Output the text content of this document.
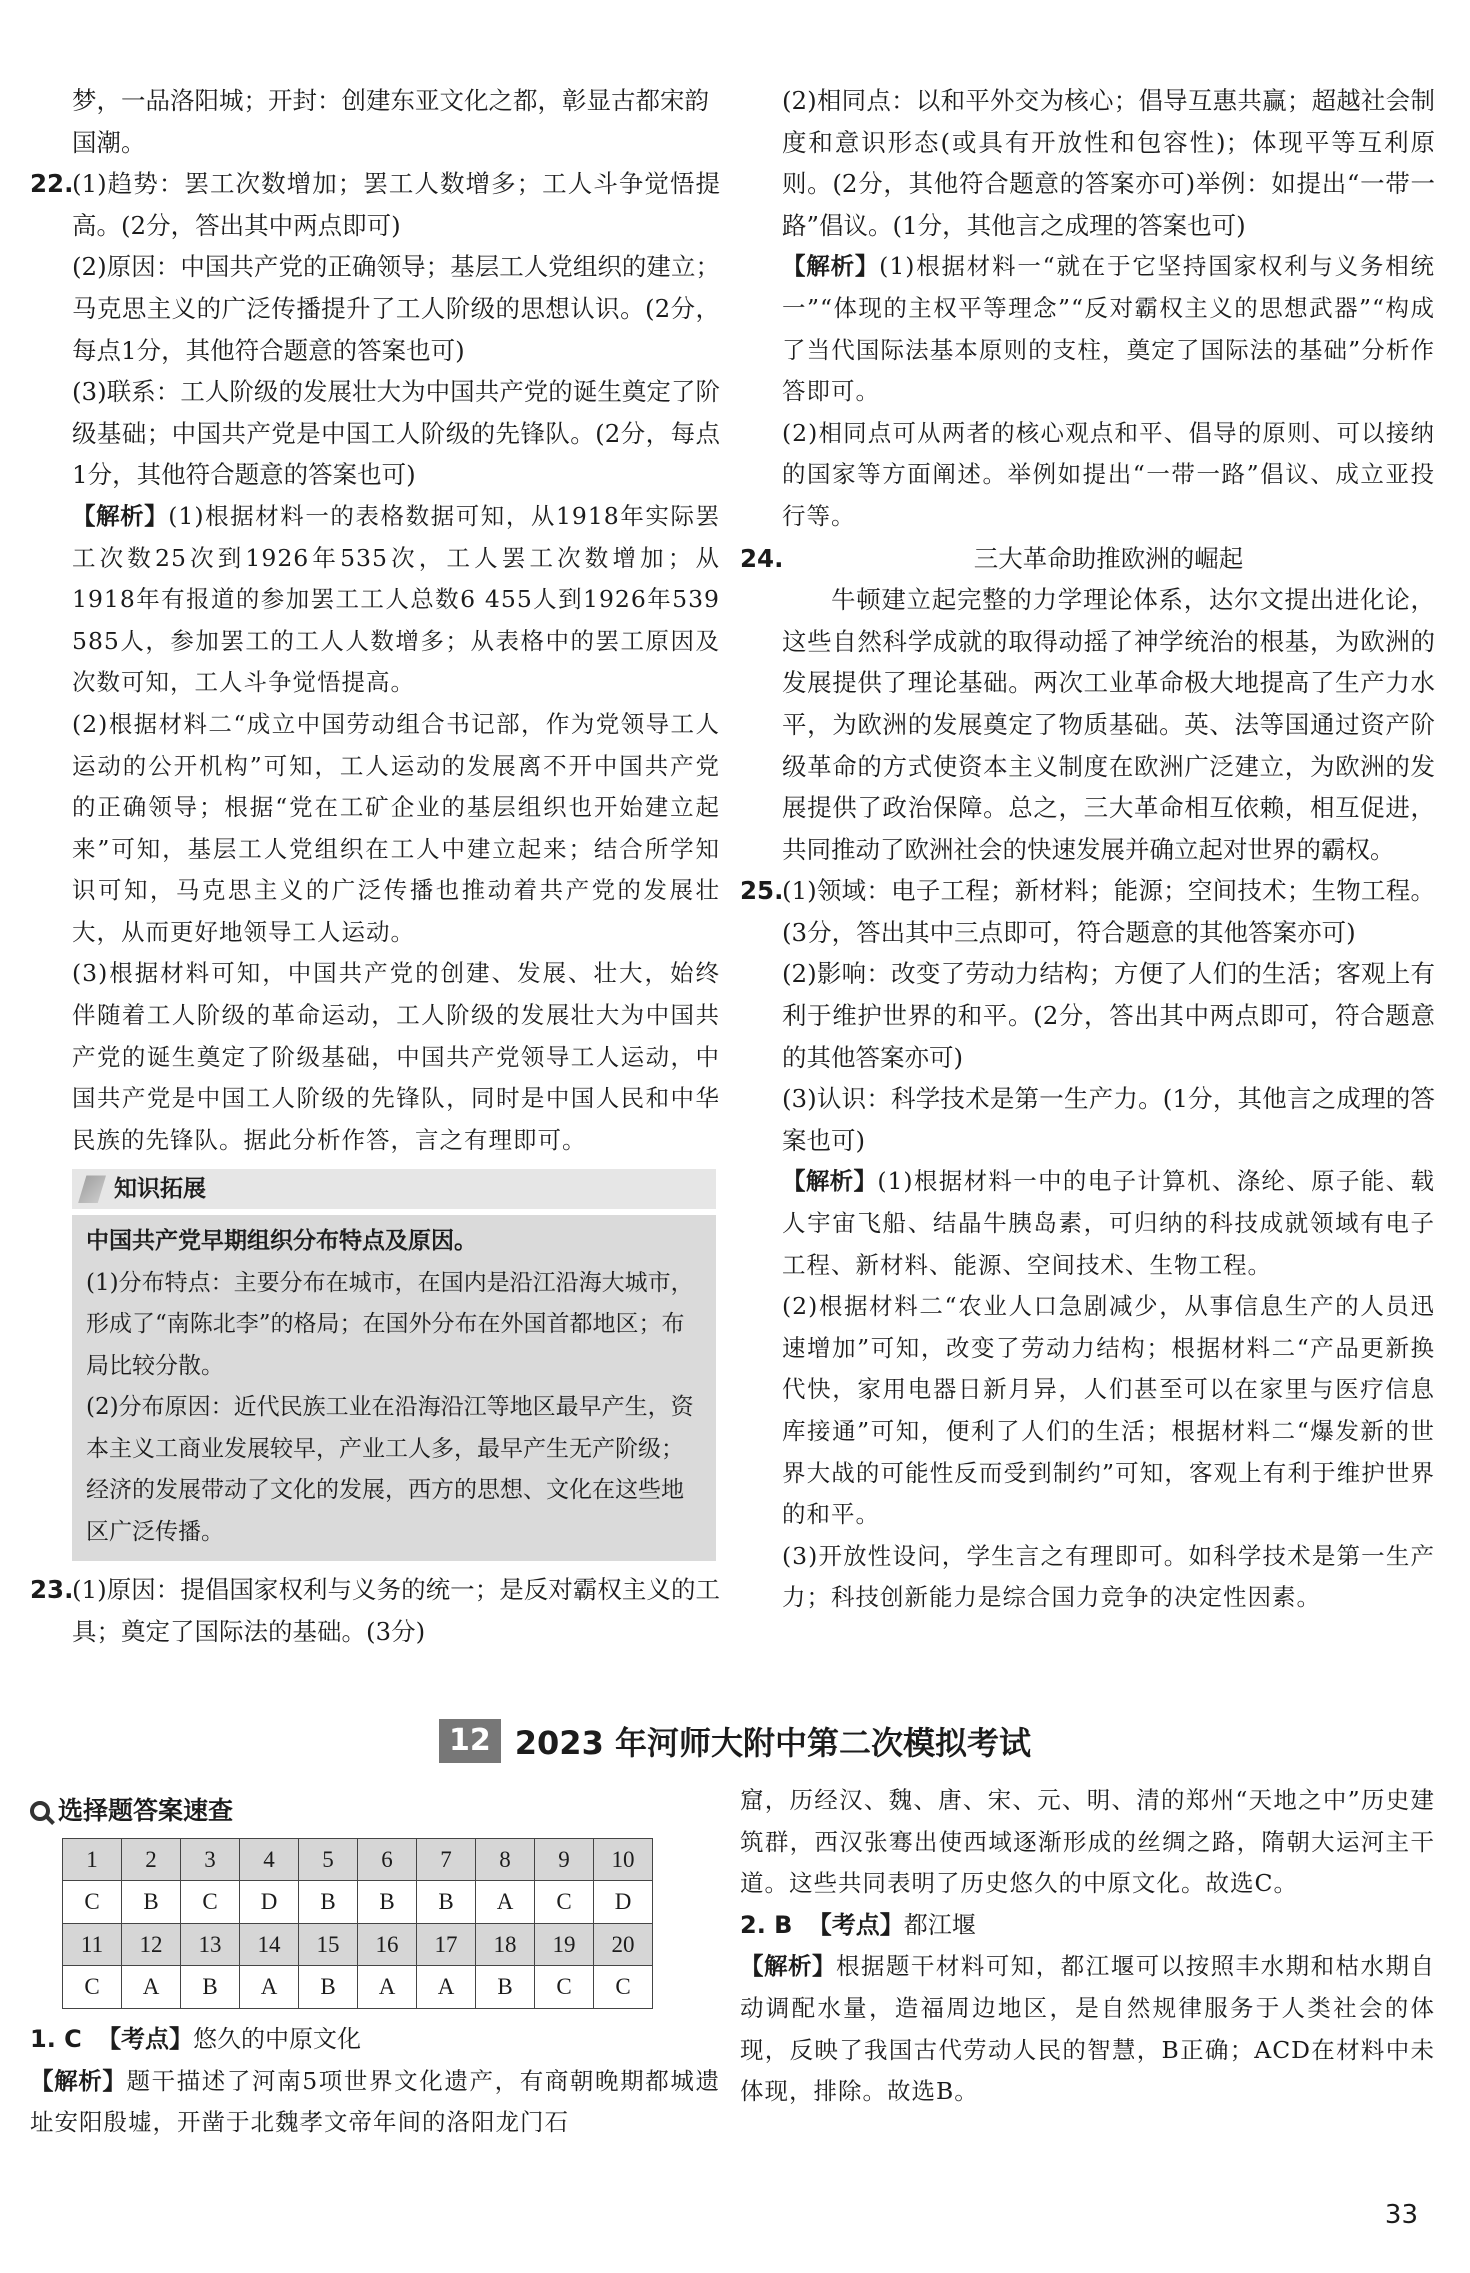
梦，一品洛阳城；开封：创建东亚文化之都，彰显古都宋韵
国潮。

22.

(1)趋势：罢工次数增加；罢工人数增多；工人斗争觉悟提高。(2分，答出其中两点即可)

(2)原因：中国共产党的正确领导；基层工人党组织的建立；马克思主义的广泛传播提升了工人阶级的思想认识。(2分，每点1分，其他符合题意的答案也可)

(3)联系：工人阶级的发展壮大为中国共产党的诞生奠定了阶级基础；中国共产党是中国工人阶级的先锋队。(2分，每点1分，其他符合题意的答案也可)

【解析】(1)根据材料一的表格数据可知，从1918年实际罢工次数25次到1926年535次，工人罢工次数增加；从1918年有报道的参加罢工工人总数6 455人到1926年539 585人，参加罢工的工人人数增多；从表格中的罢工原因及次数可知，工人斗争觉悟提高。

(2)根据材料二“成立中国劳动组合书记部，作为党领导工人运动的公开机构”可知，工人运动的发展离不开中国共产党的正确领导；根据“党在工矿企业的基层组织也开始建立起来”可知，基层工人党组织在工人中建立起来；结合所学知识可知，马克思主义的广泛传播也推动着共产党的发展壮大，从而更好地领导工人运动。

(3)根据材料可知，中国共产党的创建、发展、壮大，始终伴随着工人阶级的革命运动，工人阶级的发展壮大为中国共产党的诞生奠定了阶级基础，中国共产党领导工人运动，中国共产党是中国工人阶级的先锋队，同时是中国人民和中华民族的先锋队。据此分析作答，言之有理即可。

知识拓展
中国共产党早期组织分布特点及原因。
(1)分布特点：主要分布在城市，在国内是沿江沿海大城市，形成了“南陈北李”的格局；在国外分布在外国首都地区；布局比较分散。
(2)分布原因：近代民族工业在沿海沿江等地区最早产生，资本主义工商业发展较早，产业工人多，最早产生无产阶级；经济的发展带动了文化的发展，西方的思想、文化在这些地区广泛传播。
23.

(1)原因：提倡国家权利与义务的统一；是反对霸权主义的工具；奠定了国际法的基础。(3分)

(2)相同点：以和平外交为核心；倡导互惠共赢；超越社会制度和意识形态(或具有开放性和包容性)；体现平等互利原则。(2分，其他符合题意的答案亦可)举例：如提出“一带一路”倡议。(1分，其他言之成理的答案也可)

【解析】(1)根据材料一“就在于它坚持国家权利与义务相统一”“体现的主权平等理念”“反对霸权主义的思想武器”“构成了当代国际法基本原则的支柱，奠定了国际法的基础”分析作答即可。

(2)相同点可从两者的核心观点和平、倡导的原则、可以接纳的国家等方面阐述。举例如提出“一带一路”倡议、成立亚投行等。

24.	三大革命助推欧洲的崛起

牛顿建立起完整的力学理论体系，达尔文提出进化论，这些自然科学成就的取得动摇了神学统治的根基，为欧洲的发展提供了理论基础。两次工业革命极大地提高了生产力水平，为欧洲的发展奠定了物质基础。英、法等国通过资产阶级革命的方式使资本主义制度在欧洲广泛建立，为欧洲的发展提供了政治保障。总之，三大革命相互依赖，相互促进，共同推动了欧洲社会的快速发展并确立起对世界的霸权。

25.

(1)领域：电子工程；新材料；能源；空间技术；生物工程。(3分，答出其中三点即可，符合题意的其他答案亦可)

(2)影响：改变了劳动力结构；方便了人们的生活；客观上有利于维护世界的和平。(2分，答出其中两点即可，符合题意的其他答案亦可)

(3)认识：科学技术是第一生产力。(1分，其他言之成理的答案也可)

【解析】(1)根据材料一中的电子计算机、涤纶、原子能、载人宇宙飞船、结晶牛胰岛素，可归纳的科技成就领域有电子工程、新材料、能源、空间技术、生物工程。

(2)根据材料二“农业人口急剧减少，从事信息生产的人员迅速增加”可知，改变了劳动力结构；根据材料二“产品更新换代快，家用电器日新月异，人们甚至可以在家里与医疗信息库接通”可知，便利了人们的生活；根据材料二“爆发新的世界大战的可能性反而受到制约”可知，客观上有利于维护世界的和平。

(3)开放性设问，学生言之有理即可。如科学技术是第一生产力；科技创新能力是综合国力竞争的决定性因素。

12 2023 年河师大附中第二次模拟考试
选择题答案速查
1	2	3	4	5	6	7	8	9	10
C	B	C	D	B	B	B	A	C	D
11	12	13	14	15	16	17	18	19	20
C	A	B	A	B	A	A	B	C	C

1. C 【考点】悠久的中原文化

【解析】题干描述了河南5项世界文化遗产，有商朝晚期都城遗址安阳殷墟，开凿于北魏孝文帝年间的洛阳龙门石

窟，历经汉、魏、唐、宋、元、明、清的郑州“天地之中”历史建筑群，西汉张骞出使西域逐渐形成的丝绸之路，隋朝大运河主干道。这些共同表明了历史悠久的中原文化。故选C。

2. B 【考点】都江堰

【解析】根据题干材料可知，都江堰可以按照丰水期和枯水期自动调配水量，造福周边地区，是自然规律服务于人类社会的体现，反映了我国古代劳动人民的智慧，B正确；ACD在材料中未体现，排除。故选B。

33
